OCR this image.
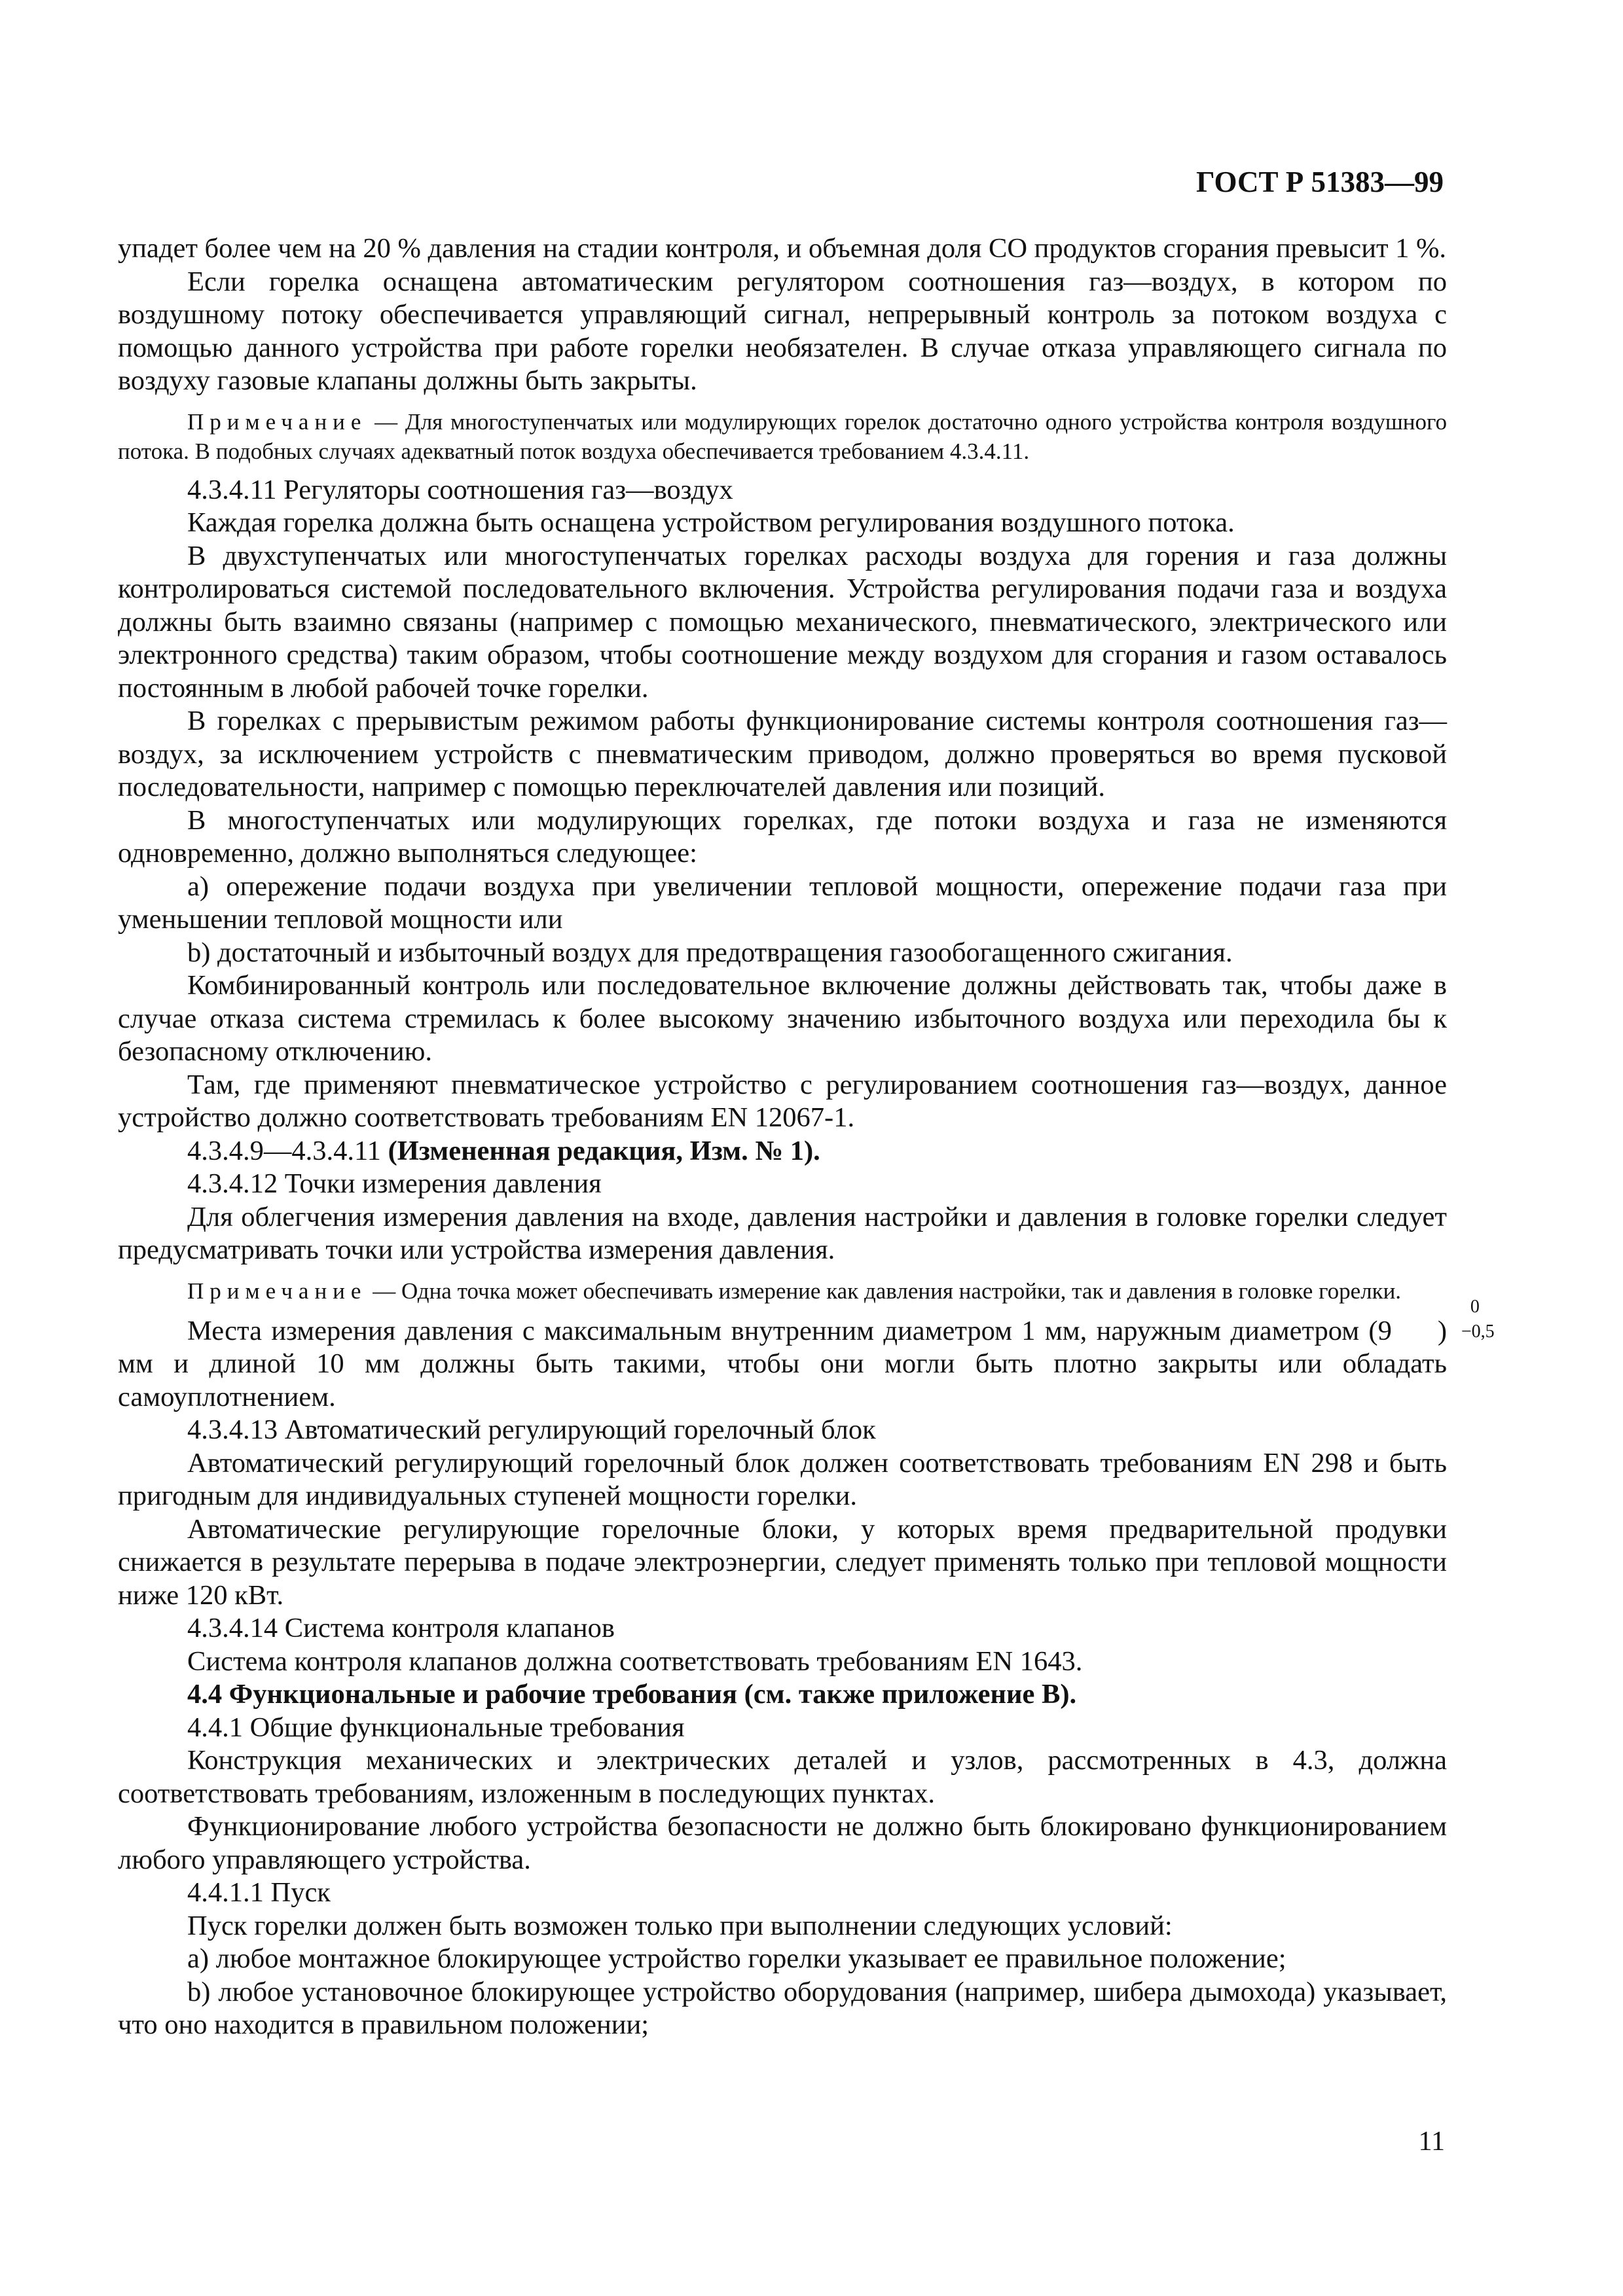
ГОСТ Р 51383—99

упадет более чем на 20 % давления на стадии контроля, и объемная доля CO продуктов сгорания превысит 1 %.

Если горелка оснащена автоматическим регулятором соотношения газ—воздух, в котором по воздушному потоку обеспечивается управляющий сигнал, непрерывный контроль за потоком воздуха с помощью данного устройства при работе горелки необязателен. В случае отказа управляющего сигнала по воздуху газовые клапаны должны быть закрыты.

Примечание — Для многоступенчатых или модулирующих горелок достаточно одного устройства контроля воздушного потока. В подобных случаях адекватный поток воздуха обеспечивается требованием 4.3.4.11.

4.3.4.11 Регуляторы соотношения газ—воздух

Каждая горелка должна быть оснащена устройством регулирования воздушного потока.

В двухступенчатых или многоступенчатых горелках расходы воздуха для горения и газа должны контролироваться системой последовательного включения. Устройства регулирования подачи газа и воздуха должны быть взаимно связаны (например с помощью механического, пневматического, электрического или электронного средства) таким образом, чтобы соотношение между воздухом для сгорания и газом оставалось постоянным в любой рабочей точке горелки.

В горелках с прерывистым режимом работы функционирование системы контроля соотношения газ—воздух, за исключением устройств с пневматическим приводом, должно проверяться во время пусковой последовательности, например с помощью переключателей давления или позиций.

В многоступенчатых или модулирующих горелках, где потоки воздуха и газа не изменяются одновременно, должно выполняться следующее:

a) опережение подачи воздуха при увеличении тепловой мощности, опережение подачи газа при уменьшении тепловой мощности или

b) достаточный и избыточный воздух для предотвращения газообогащенного сжигания.

Комбинированный контроль или последовательное включение должны действовать так, чтобы даже в случае отказа система стремилась к более высокому значению избыточного воздуха или переходила бы к безопасному отключению.

Там, где применяют пневматическое устройство с регулированием соотношения газ—воздух, данное устройство должно соответствовать требованиям EN 12067-1.

4.3.4.9—4.3.4.11 (Измененная редакция, Изм. № 1).

4.3.4.12 Точки измерения давления

Для облегчения измерения давления на входе, давления настройки и давления в головке горелки следует предусматривать точки или устройства измерения давления.

Примечание — Одна точка может обеспечивать измерение как давления настройки, так и давления в головке горелки.

Места измерения давления с максимальным внутренним диаметром 1 мм, наружным диаметром (9
0
−0,5
) мм и длиной 10 мм должны быть такими, чтобы они могли быть плотно закрыты или обладать самоуплотнением.

4.3.4.13 Автоматический регулирующий горелочный блок

Автоматический регулирующий горелочный блок должен соответствовать требованиям EN 298 и быть пригодным для индивидуальных ступеней мощности горелки.

Автоматические регулирующие горелочные блоки, у которых время предварительной продувки снижается в результате перерыва в подаче электроэнергии, следует применять только при тепловой мощности ниже 120 кВт.

4.3.4.14 Система контроля клапанов

Система контроля клапанов должна соответствовать требованиям EN 1643.

4.4 Функциональные и рабочие требования (см. также приложение В).

4.4.1 Общие функциональные требования

Конструкция механических и электрических деталей и узлов, рассмотренных в 4.3, должна соответствовать требованиям, изложенным в последующих пунктах.

Функционирование любого устройства безопасности не должно быть блокировано функционированием любого управляющего устройства.

4.4.1.1 Пуск

Пуск горелки должен быть возможен только при выполнении следующих условий:

a) любое монтажное блокирующее устройство горелки указывает ее правильное положение;

b) любое установочное блокирующее устройство оборудования (например, шибера дымохода) указывает, что оно находится в правильном положении;

11
